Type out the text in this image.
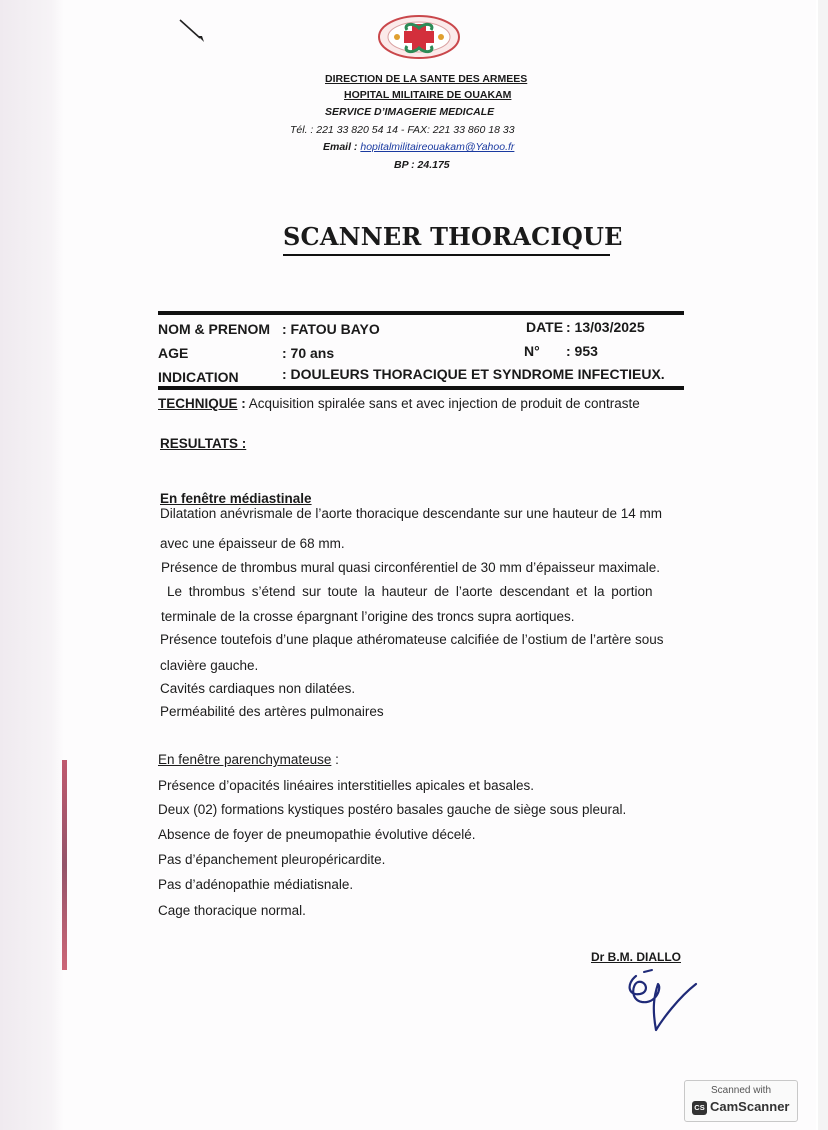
DIRECTION DE LA SANTE DES ARMEES
HOPITAL MILITAIRE DE OUAKAM
SERVICE D’IMAGERIE MEDICALE
Tél. : 221 33 820 54 14 - FAX: 221 33 860 18 33
Email : hopitalmilitaireouakam@Yahoo.fr
BP : 24.175
SCANNER THORACIQUE
NOM & PRENOM : FATOU BAYO	DATE : 13/03/2025
AGE	: 70 ans	N° : 953
INDICATION	: DOULEURS THORACIQUE ET SYNDROME INFECTIEUX.
TECHNIQUE : Acquisition spiralée sans et avec injection de produit de contraste
RESULTATS :
En fenêtre médiastinale
Dilatation anévrismale de l’aorte thoracique descendante sur une hauteur de 14 mm
avec une épaisseur de 68 mm.
Présence de thrombus mural quasi circonférentiel de 30 mm d’épaisseur maximale.
Le thrombus s’étend sur toute la hauteur de l’aorte descendant et la portion
terminale de la crosse épargnant l’origine des troncs supra aortiques.
Présence toutefois d’une plaque athéromateuse calcifiée de l’ostium de l’artère sous
clavière gauche.
Cavités cardiaques non dilatées.
Perméabilité des artères pulmonaires
En fenêtre parenchymateuse :
Présence d’opacités linéaires interstitielles apicales et basales.
Deux (02) formations kystiques postéro basales gauche de siège sous pleural.
Absence de foyer de pneumopathie évolutive décelé.
Pas d’épanchement pleuropéricardite.
Pas d’adénopathie médiatisnale.
Cage thoracique normal.
Dr B.M. DIALLO
Scanned with
CS CamScanner
